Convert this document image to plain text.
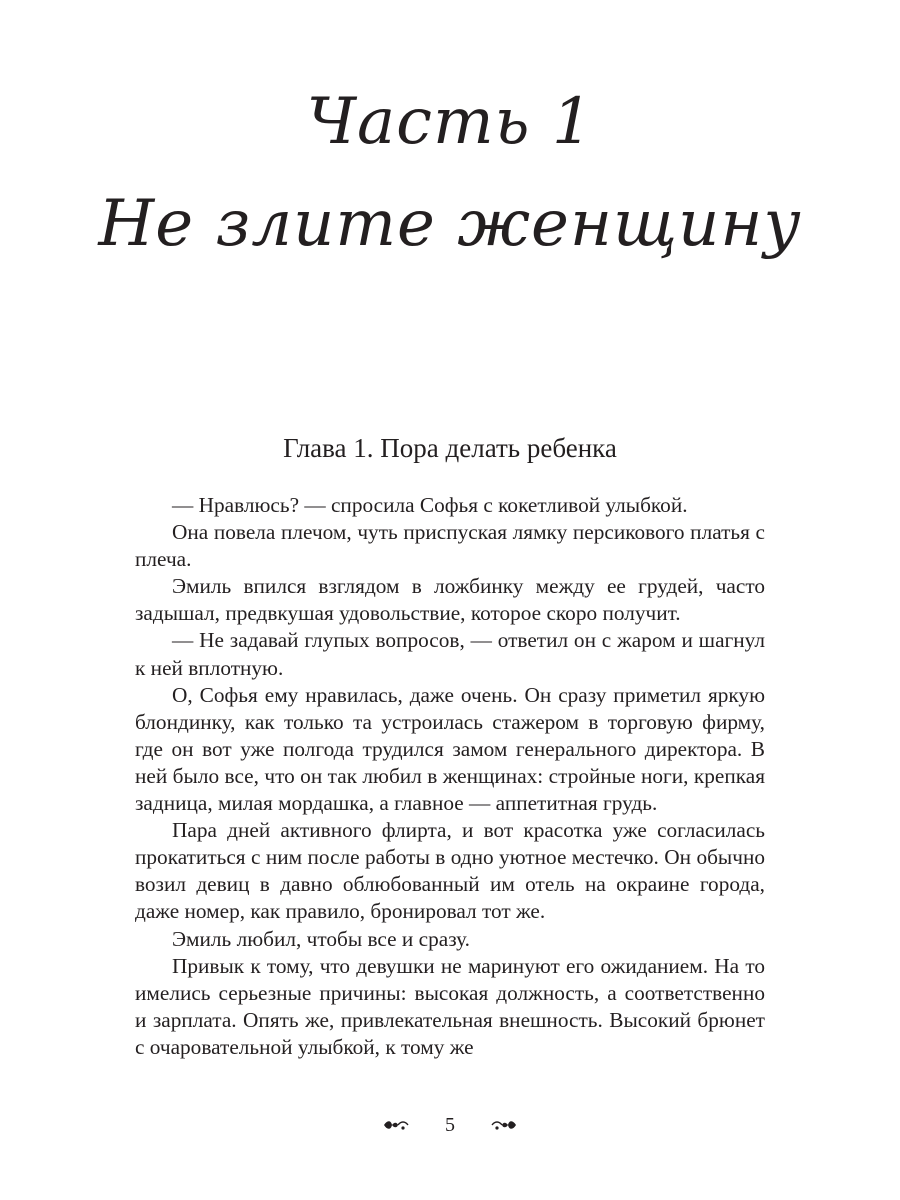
Часть 1
Не злите женщину
Глава 1. Пора делать ребенка

— Нравлюсь? — спросила Софья с кокетливой улыбкой.

Она повела плечом, чуть приспуская лямку персикового платья с плеча.

Эмиль впился взглядом в ложбинку между ее грудей, часто задышал, предвкушая удовольствие, которое скоро получит.

— Не задавай глупых вопросов, — ответил он с жаром и шагнул к ней вплотную.

О, Софья ему нравилась, даже очень. Он сразу приметил яркую блондинку, как только та устроилась стажером в торговую фирму, где он вот уже полгода трудился замом генерального директора. В ней было все, что он так любил в женщинах: стройные ноги, крепкая задница, милая мордашка, а главное — аппетитная грудь.

Пара дней активного флирта, и вот красотка уже согласилась прокатиться с ним после работы в одно уютное местечко. Он обычно возил девиц в давно облюбованный им отель на окраине города, даже номер, как правило, бронировал тот же.

Эмиль любил, чтобы все и сразу.

Привык к тому, что девушки не маринуют его ожиданием. На то имелись серьезные причины: высокая должность, а соответственно и зарплата. Опять же, привлекательная внешность. Высокий брюнет с очаровательной улыбкой, к тому же

5
